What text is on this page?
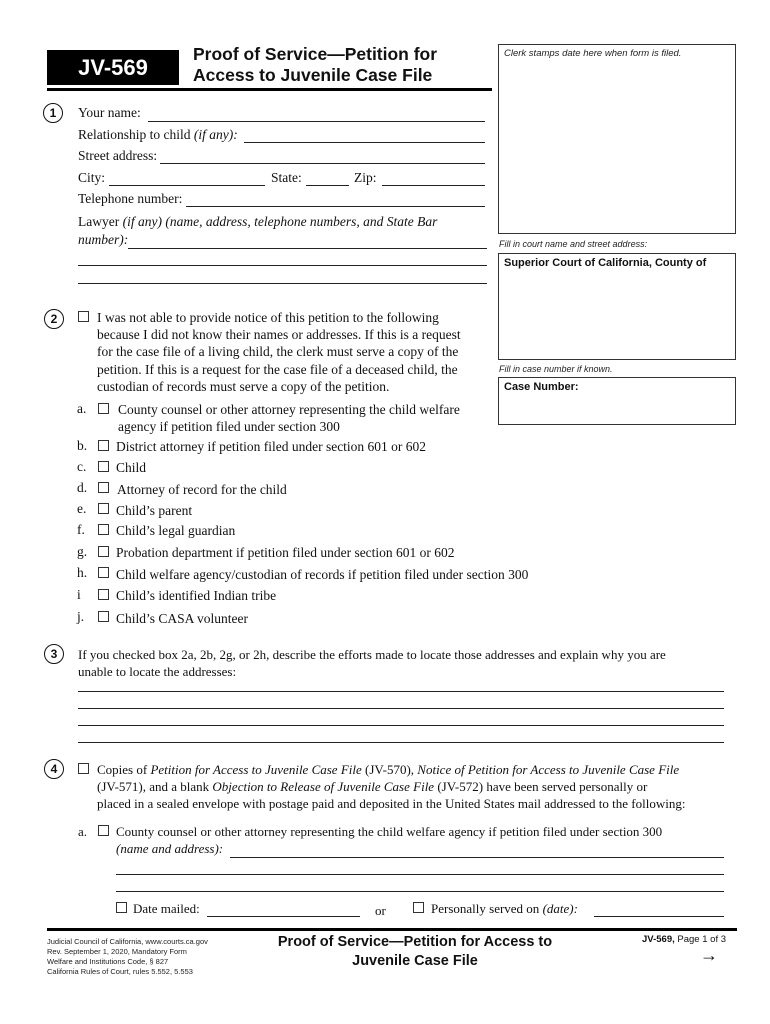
JV-569
Proof of Service—Petition for
Access to Juvenile Case File
Clerk stamps date here when form is filed.
Fill in court name and street address:
Superior Court of California, County of
Fill in case number if known.
Case Number:
1 Your name:
Relationship to child (if any):
Street address:
City:	State:	Zip:
Telephone number:
Lawyer (if any) (name, address, telephone numbers, and State Bar
number):
2	I was not able to provide notice of this petition to the following
because I did not know their names or addresses. If this is a request
for the case file of a living child, the clerk must serve a copy of the
petition. If this is a request for the case file of a deceased child, the
custodian of records must serve a copy of the petition.
a. County counsel or other attorney representing the child welfare
agency if petition filed under section 300
b. District attorney if petition filed under section 601 or 602
c. Child
d. Attorney of record for the child
e. Child’s parent
f. Child’s legal guardian
g. Probation department if petition filed under section 601 or 602
h. Child welfare agency/custodian of records if petition filed under section 300
i	Child’s identified Indian tribe
j. Child’s CASA volunteer
3 If you checked box 2a, 2b, 2g, or 2h, describe the efforts made to locate those addresses and explain why you are
unable to locate the addresses:
4	Copies of Petition for Access to Juvenile Case File (JV-570), Notice of Petition for Access to Juvenile Case File
(JV-571), and a blank Objection to Release of Juvenile Case File (JV-572) have been served personally or
placed in a sealed envelope with postage paid and deposited in the United States mail addressed to the following:
a. County counsel or other attorney representing the child welfare agency if petition filed under section 300
(name and address):
Date mailed:	or	Personally served on (date):
Judicial Council of California, www.courts.ca.gov
Rev. September 1, 2020, Mandatory Form
Welfare and Institutions Code, § 827
California Rules of Court, rules 5.552, 5.553
Proof of Service—Petition for Access to
Juvenile Case File
JV-569, Page 1 of 3
→
